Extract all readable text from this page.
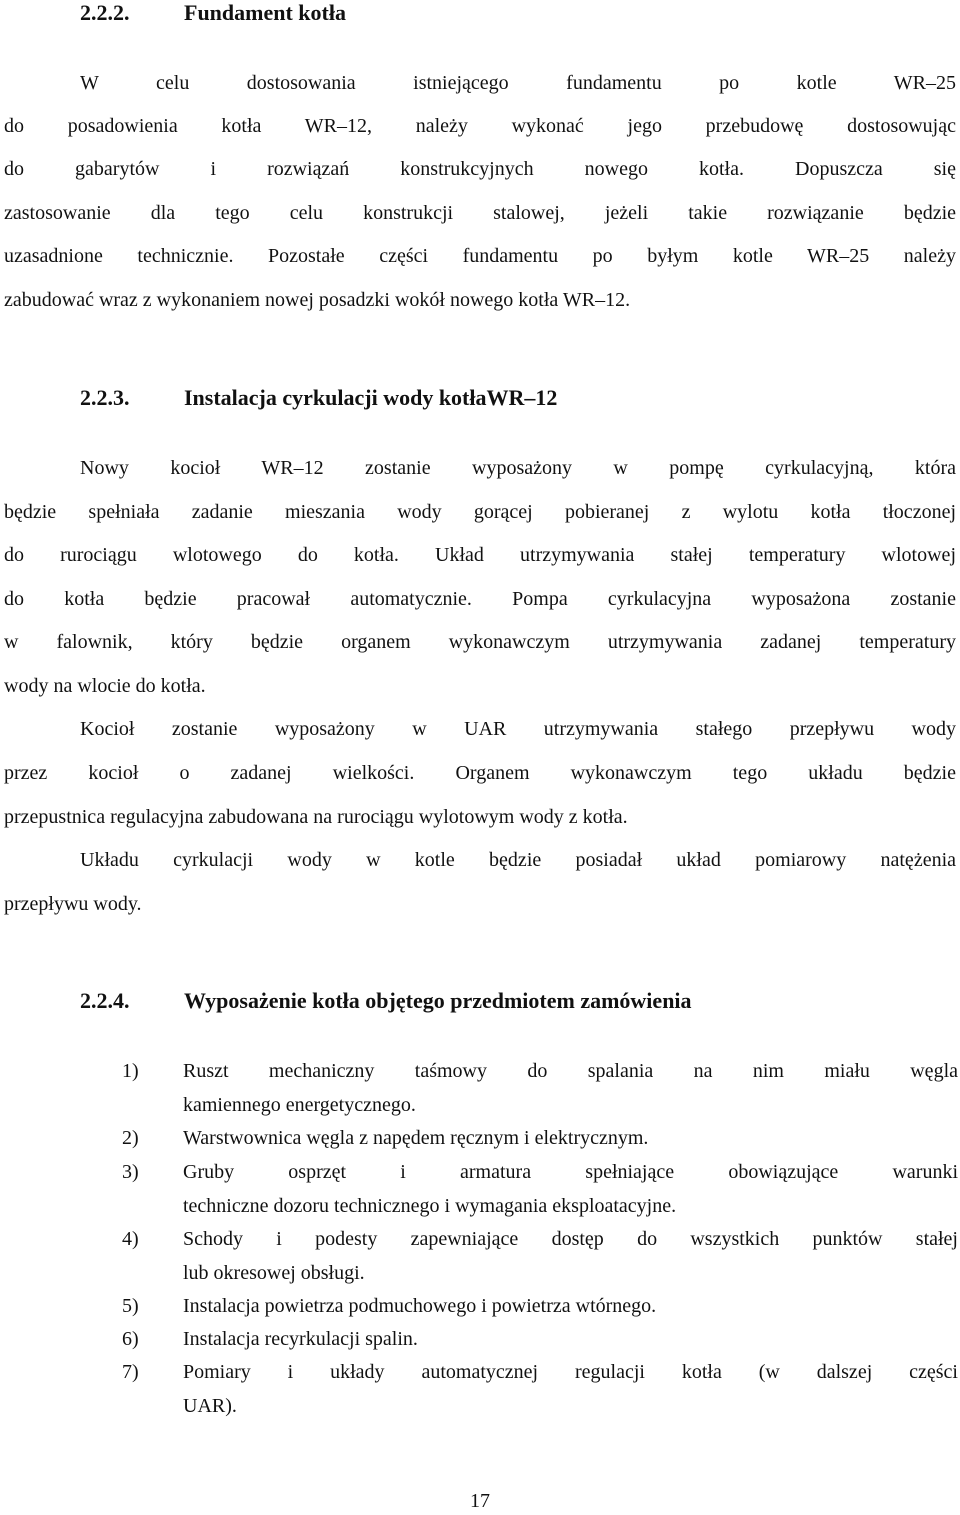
2.2.2. Fundament kotła
W celu dostosowania istniejącego fundamentu po kotle WR–25
do posadowienia kotła WR–12, należy wykonać jego przebudowę dostosowując
do gabarytów i rozwiązań konstrukcyjnych nowego kotła. Dopuszcza się
zastosowanie dla tego celu konstrukcji stalowej, jeżeli takie rozwiązanie będzie
uzasadnione technicznie. Pozostałe części fundamentu po byłym kotle WR–25 należy
zabudować wraz z wykonaniem nowej posadzki wokół nowego kotła WR–12.
2.2.3. Instalacja cyrkulacji wody kotłaWR–12
Nowy kocioł WR–12 zostanie wyposażony w pompę cyrkulacyjną, która
będzie spełniała zadanie mieszania wody gorącej pobieranej z wylotu kotła tłoczonej
do rurociągu wlotowego do kotła. Układ utrzymywania stałej temperatury wlotowej
do kotła będzie pracował automatycznie. Pompa cyrkulacyjna wyposażona zostanie
w falownik, który będzie organem wykonawczym utrzymywania zadanej temperatury
wody na wlocie do kotła.
Kocioł zostanie wyposażony w UAR utrzymywania stałego przepływu wody
przez kocioł o zadanej wielkości. Organem wykonawczym tego układu będzie
przepustnica regulacyjna zabudowana na rurociągu wylotowym wody z kotła.
Układu cyrkulacji wody w kotle będzie posiadał układ pomiarowy natężenia
przepływu wody.
2.2.4. Wyposażenie kotła objętego przedmiotem zamówienia
1) Ruszt mechaniczny taśmowy do spalania na nim miału węgla
kamiennego energetycznego.
2) Warstwownica węgla z napędem ręcznym i elektrycznym.
3) Gruby osprzęt i armatura spełniające obowiązujące warunki
techniczne dozoru technicznego i wymagania eksploatacyjne.
4) Schody i podesty zapewniające dostęp do wszystkich punktów stałej
lub okresowej obsługi.
5) Instalacja powietrza podmuchowego i powietrza wtórnego.
6) Instalacja recyrkulacji spalin.
7) Pomiary i układy automatycznej regulacji kotła (w dalszej części
UAR).
17
